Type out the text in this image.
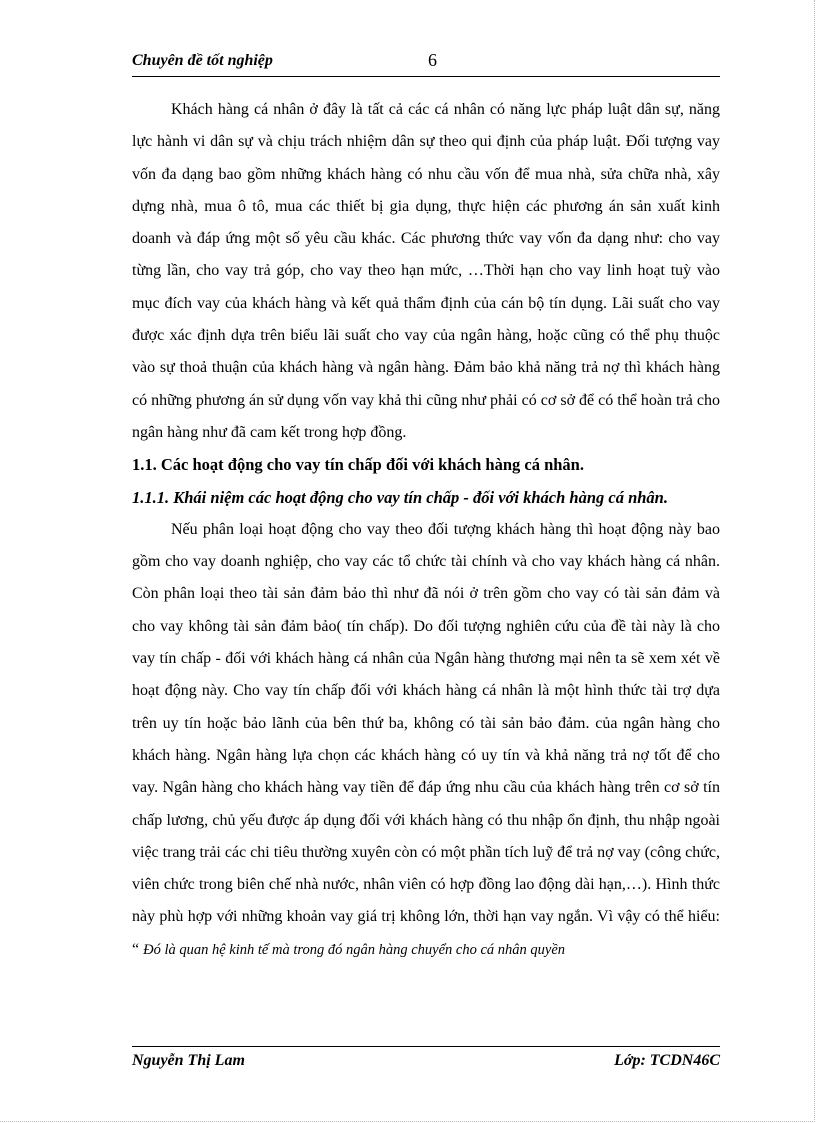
Chuyên đề tốt nghiệp	6

Khách hàng cá nhân ở đây là tất cả các cá nhân có năng lực pháp luật dân sự, năng lực hành vi dân sự và chịu trách nhiệm dân sự theo qui định của pháp luật. Đối tượng vay vốn đa dạng bao gồm những khách hàng có nhu cầu vốn để mua nhà, sửa chữa nhà, xây dựng nhà, mua ô tô, mua các thiết bị gia dụng, thực hiện các phương án sản xuất kinh doanh và đáp ứng một số yêu cầu khác. Các phương thức vay vốn đa dạng như: cho vay từng lần, cho vay trả góp, cho vay theo hạn mức, …Thời hạn cho vay linh hoạt tuỳ vào mục đích vay của khách hàng và kết quả thẩm định của cán bộ tín dụng. Lãi suất cho vay được xác định dựa trên biểu lãi suất cho vay của ngân hàng, hoặc cũng có thể phụ thuộc vào sự thoả thuận của khách hàng và ngân hàng. Đảm bảo khả năng trả nợ thì khách hàng có những phương án sử dụng vốn vay khả thi cũng như phải có cơ sở để có thể hoàn trả cho ngân hàng như đã cam kết trong hợp đồng.

1.1. Các hoạt động cho vay tín chấp đối với khách hàng cá nhân.

1.1.1. Khái niệm các hoạt động cho vay tín chấp - đối với khách hàng cá nhân.

Nếu phân loại hoạt động cho vay theo đối tượng khách hàng thì hoạt động này bao gồm cho vay doanh nghiệp, cho vay các tổ chức tài chính và cho vay khách hàng cá nhân. Còn phân loại theo tài sản đảm bảo thì như đã nói ở trên gồm cho vay có tài sản đảm và cho vay không tài sản đảm bảo( tín chấp). Do đối tượng nghiên cứu của đề tài này là cho vay tín chấp - đối với khách hàng cá nhân của Ngân hàng thương mại nên ta sẽ xem xét về hoạt động này. Cho vay tín chấp đối với khách hàng cá nhân là một hình thức tài trợ dựa trên uy tín hoặc bảo lãnh của bên thứ ba, không có tài sản bảo đảm. của ngân hàng cho khách hàng. Ngân hàng lựa chọn các khách hàng có uy tín và khả năng trả nợ tốt để cho vay. Ngân hàng cho khách hàng vay tiền để đáp ứng nhu cầu của khách hàng trên cơ sở tín chấp lương, chủ yếu được áp dụng đối với khách hàng có thu nhập ổn định, thu nhập ngoài việc trang trải các chi tiêu thường xuyên còn có một phần tích luỹ để trả nợ vay (công chức, viên chức trong biên chế nhà nước, nhân viên có hợp đồng lao động dài hạn,…). Hình thức này phù hợp với những khoản vay giá trị không lớn, thời hạn vay ngắn. Vì vậy có thể hiểu: “ Đó là quan hệ kinh tế mà trong đó ngân hàng chuyển cho cá nhân quyền

Nguyễn Thị Lam	Lớp: TCDN46C
